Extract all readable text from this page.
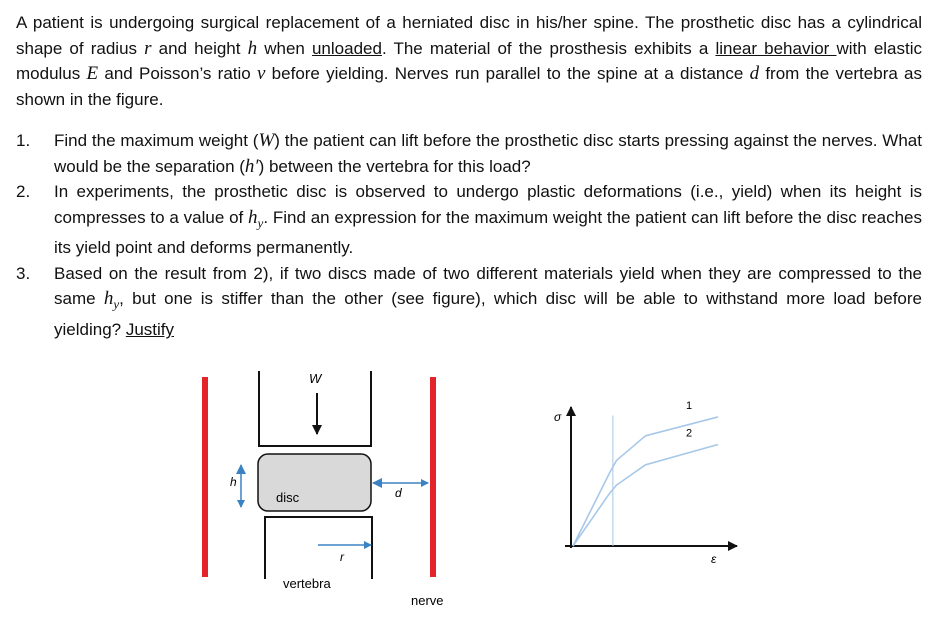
A patient is undergoing surgical replacement of a herniated disc in his/her spine. The prosthetic disc has a cylindrical shape of radius r and height h when unloaded. The material of the prosthesis exhibits a linear behavior with elastic modulus E and Poisson’s ratio ν before yielding. Nerves run parallel to the spine at a distance d from the vertebra as shown in the figure.

1.	Find the maximum weight (W) the patient can lift before the prosthetic disc starts pressing against the nerves. What would be the separation (h′) between the vertebra for this load?
2.	In experiments, the prosthetic disc is observed to undergo plastic deformations (i.e., yield) when its height is compresses to a value of $h_y$. Find an expression for the maximum weight the patient can lift before the disc reaches its yield point and deforms permanently.
3.	Based on the result from 2), if two discs made of two different materials yield when they are compressed to the same $h_y$, but one is stiffer than the other (see figure), which disc will be able to withstand more load before yielding? Justify
W
disc
h
d
r
vertebra
nerve
σ
ε
1
2
